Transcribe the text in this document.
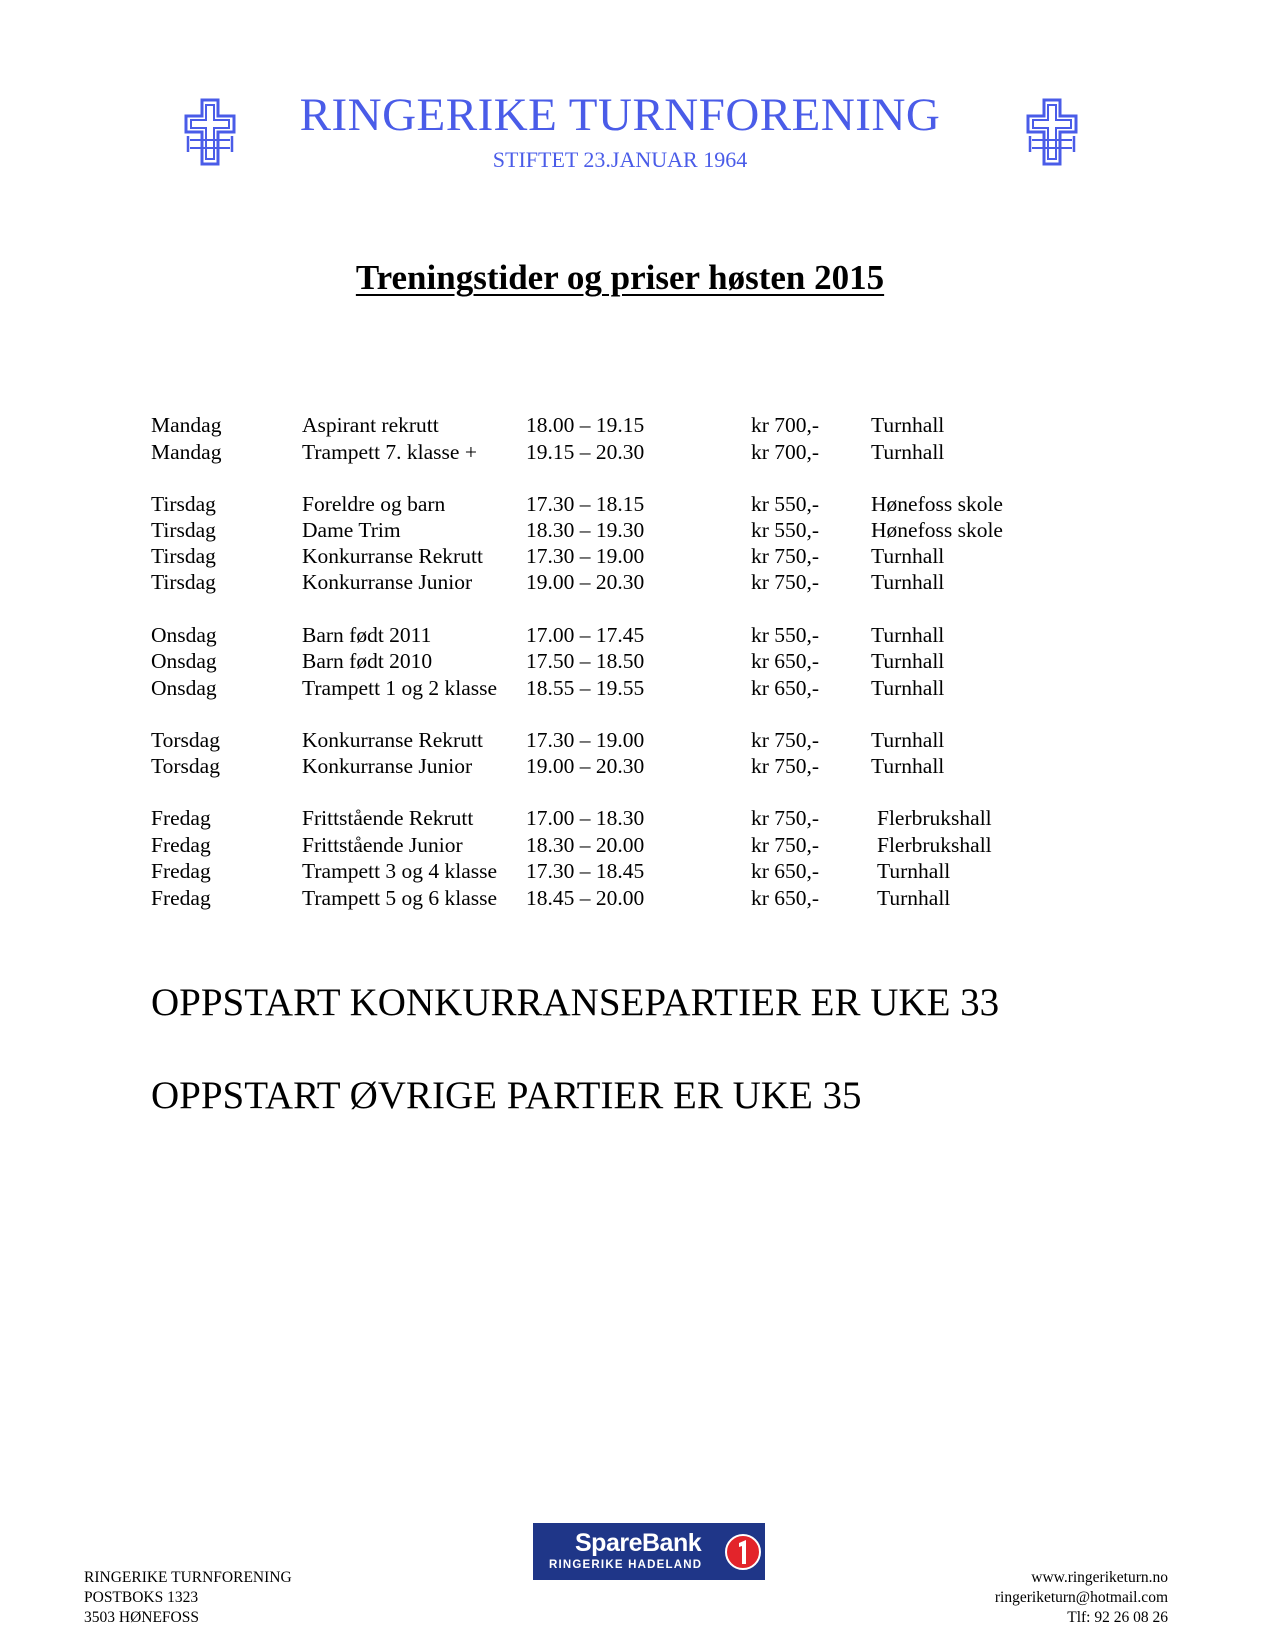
RINGERIKE TURNFORENING
STIFTET 23.JANUAR 1964
Treningstider og priser høsten 2015
Mandag	Aspirant rekrutt	18.00 – 19.15	kr 700,- Turnhall
Mandag	Trampett 7. klasse + 19.15 – 20.30	kr 700,- Turnhall
Tirsdag	Foreldre og barn	17.30 – 18.15	kr 550,- Hønefoss skole
Tirsdag	Dame Trim	18.30 – 19.30	kr 550,- Hønefoss skole
Tirsdag	Konkurranse Rekrutt 17.30 – 19.00	kr 750,- Turnhall
Tirsdag	Konkurranse Junior	19.00 – 20.30	kr 750,- Turnhall
Onsdag	Barn født 2011	17.00 – 17.45	kr 550,- Turnhall
Onsdag	Barn født 2010	17.50 – 18.50	kr 650,- Turnhall
Onsdag	Trampett 1 og 2 klasse 18.55 – 19.55	kr 650,- Turnhall
Torsdag	Konkurranse Rekrutt 17.30 – 19.00	kr 750,- Turnhall
Torsdag	Konkurranse Junior	19.00 – 20.30	kr 750,- Turnhall
Fredag	Frittstående Rekrutt 17.00 – 18.30	kr 750,-	Flerbrukshall
Fredag	Frittstående Junior	18.30 – 20.00	kr 750,-	Flerbrukshall
Fredag	Trampett 3 og 4 klasse 17.30 – 18.45	kr 650,-	Turnhall
Fredag	Trampett 5 og 6 klasse 18.45 – 20.00	kr 650,-	Turnhall
OPPSTART KONKURRANSEPARTIER ER UKE 33
OPPSTART ØVRIGE PARTIER ER UKE 35
RINGERIKE TURNFORENING
POSTBOKS 1323
3503 HØNEFOSS
SpareBank
RINGERIKE HADELAND
www.ringeriketurn.no
ringeriketurn@hotmail.com
Tlf: 92 26 08 26
